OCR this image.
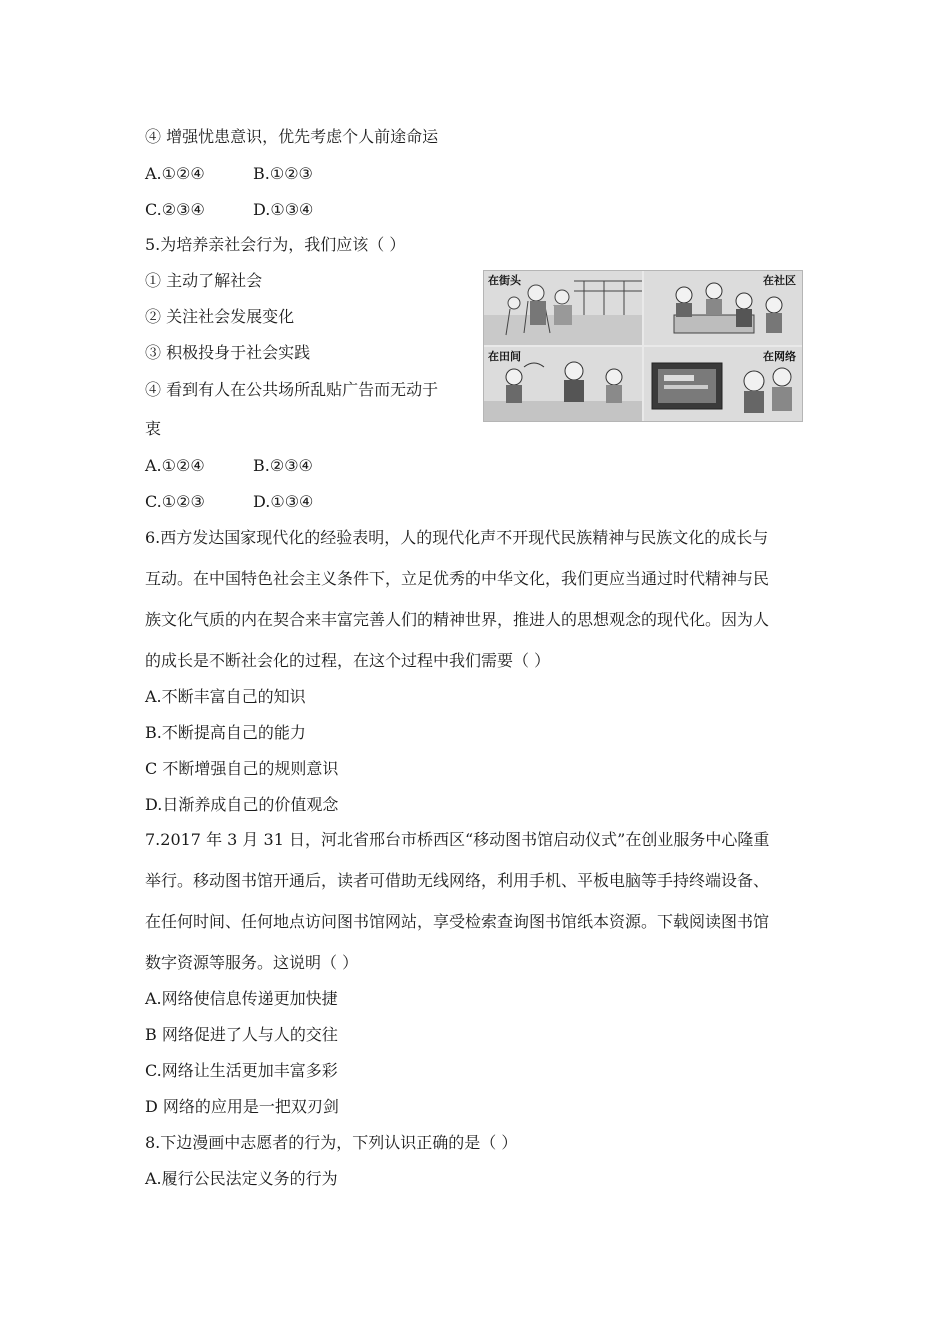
④ 增强忧患意识，优先考虑个人前途命运
A.①②④	B.①②③
C.②③④	D.①③④
5.为培养亲社会行为，我们应该（ ）
① 主动了解社会
② 关注社会发展变化
③ 积极投身于社会实践
④ 看到有人在公共场所乱贴广告而无动于
衷
在街头	在社区
在田间	在网络
A.①②④	B.②③④
C.①②③	D.①③④
6.西方发达国家现代化的经验表明，人的现代化声不开现代民族精神与民族文化的成长与
互动。在中国特色社会主义条件下，立足优秀的中华文化，我们更应当通过时代精神与民
族文化气质的内在契合来丰富完善人们的精神世界，推进人的思想观念的现代化。因为人
的成长是不断社会化的过程，在这个过程中我们需要（ ）
A.不断丰富自己的知识
B.不断提高自己的能力
C 不断增强自己的规则意识
D.日渐养成自己的价值观念
7.2017 年 3 月 31 日，河北省邢台市桥西区“移动图书馆启动仪式”在创业服务中心隆重
举行。移动图书馆开通后，读者可借助无线网络，利用手机、平板电脑等手持终端设备、
在任何时间、任何地点访问图书馆网站，享受检索查询图书馆纸本资源。下载阅读图书馆
数字资源等服务。这说明（ ）
A.网络使信息传递更加快捷
B 网络促进了人与人的交往
C.网络让生活更加丰富多彩
D 网络的应用是一把双刃剑
8.下边漫画中志愿者的行为，下列认识正确的是（ ）
A.履行公民法定义务的行为
